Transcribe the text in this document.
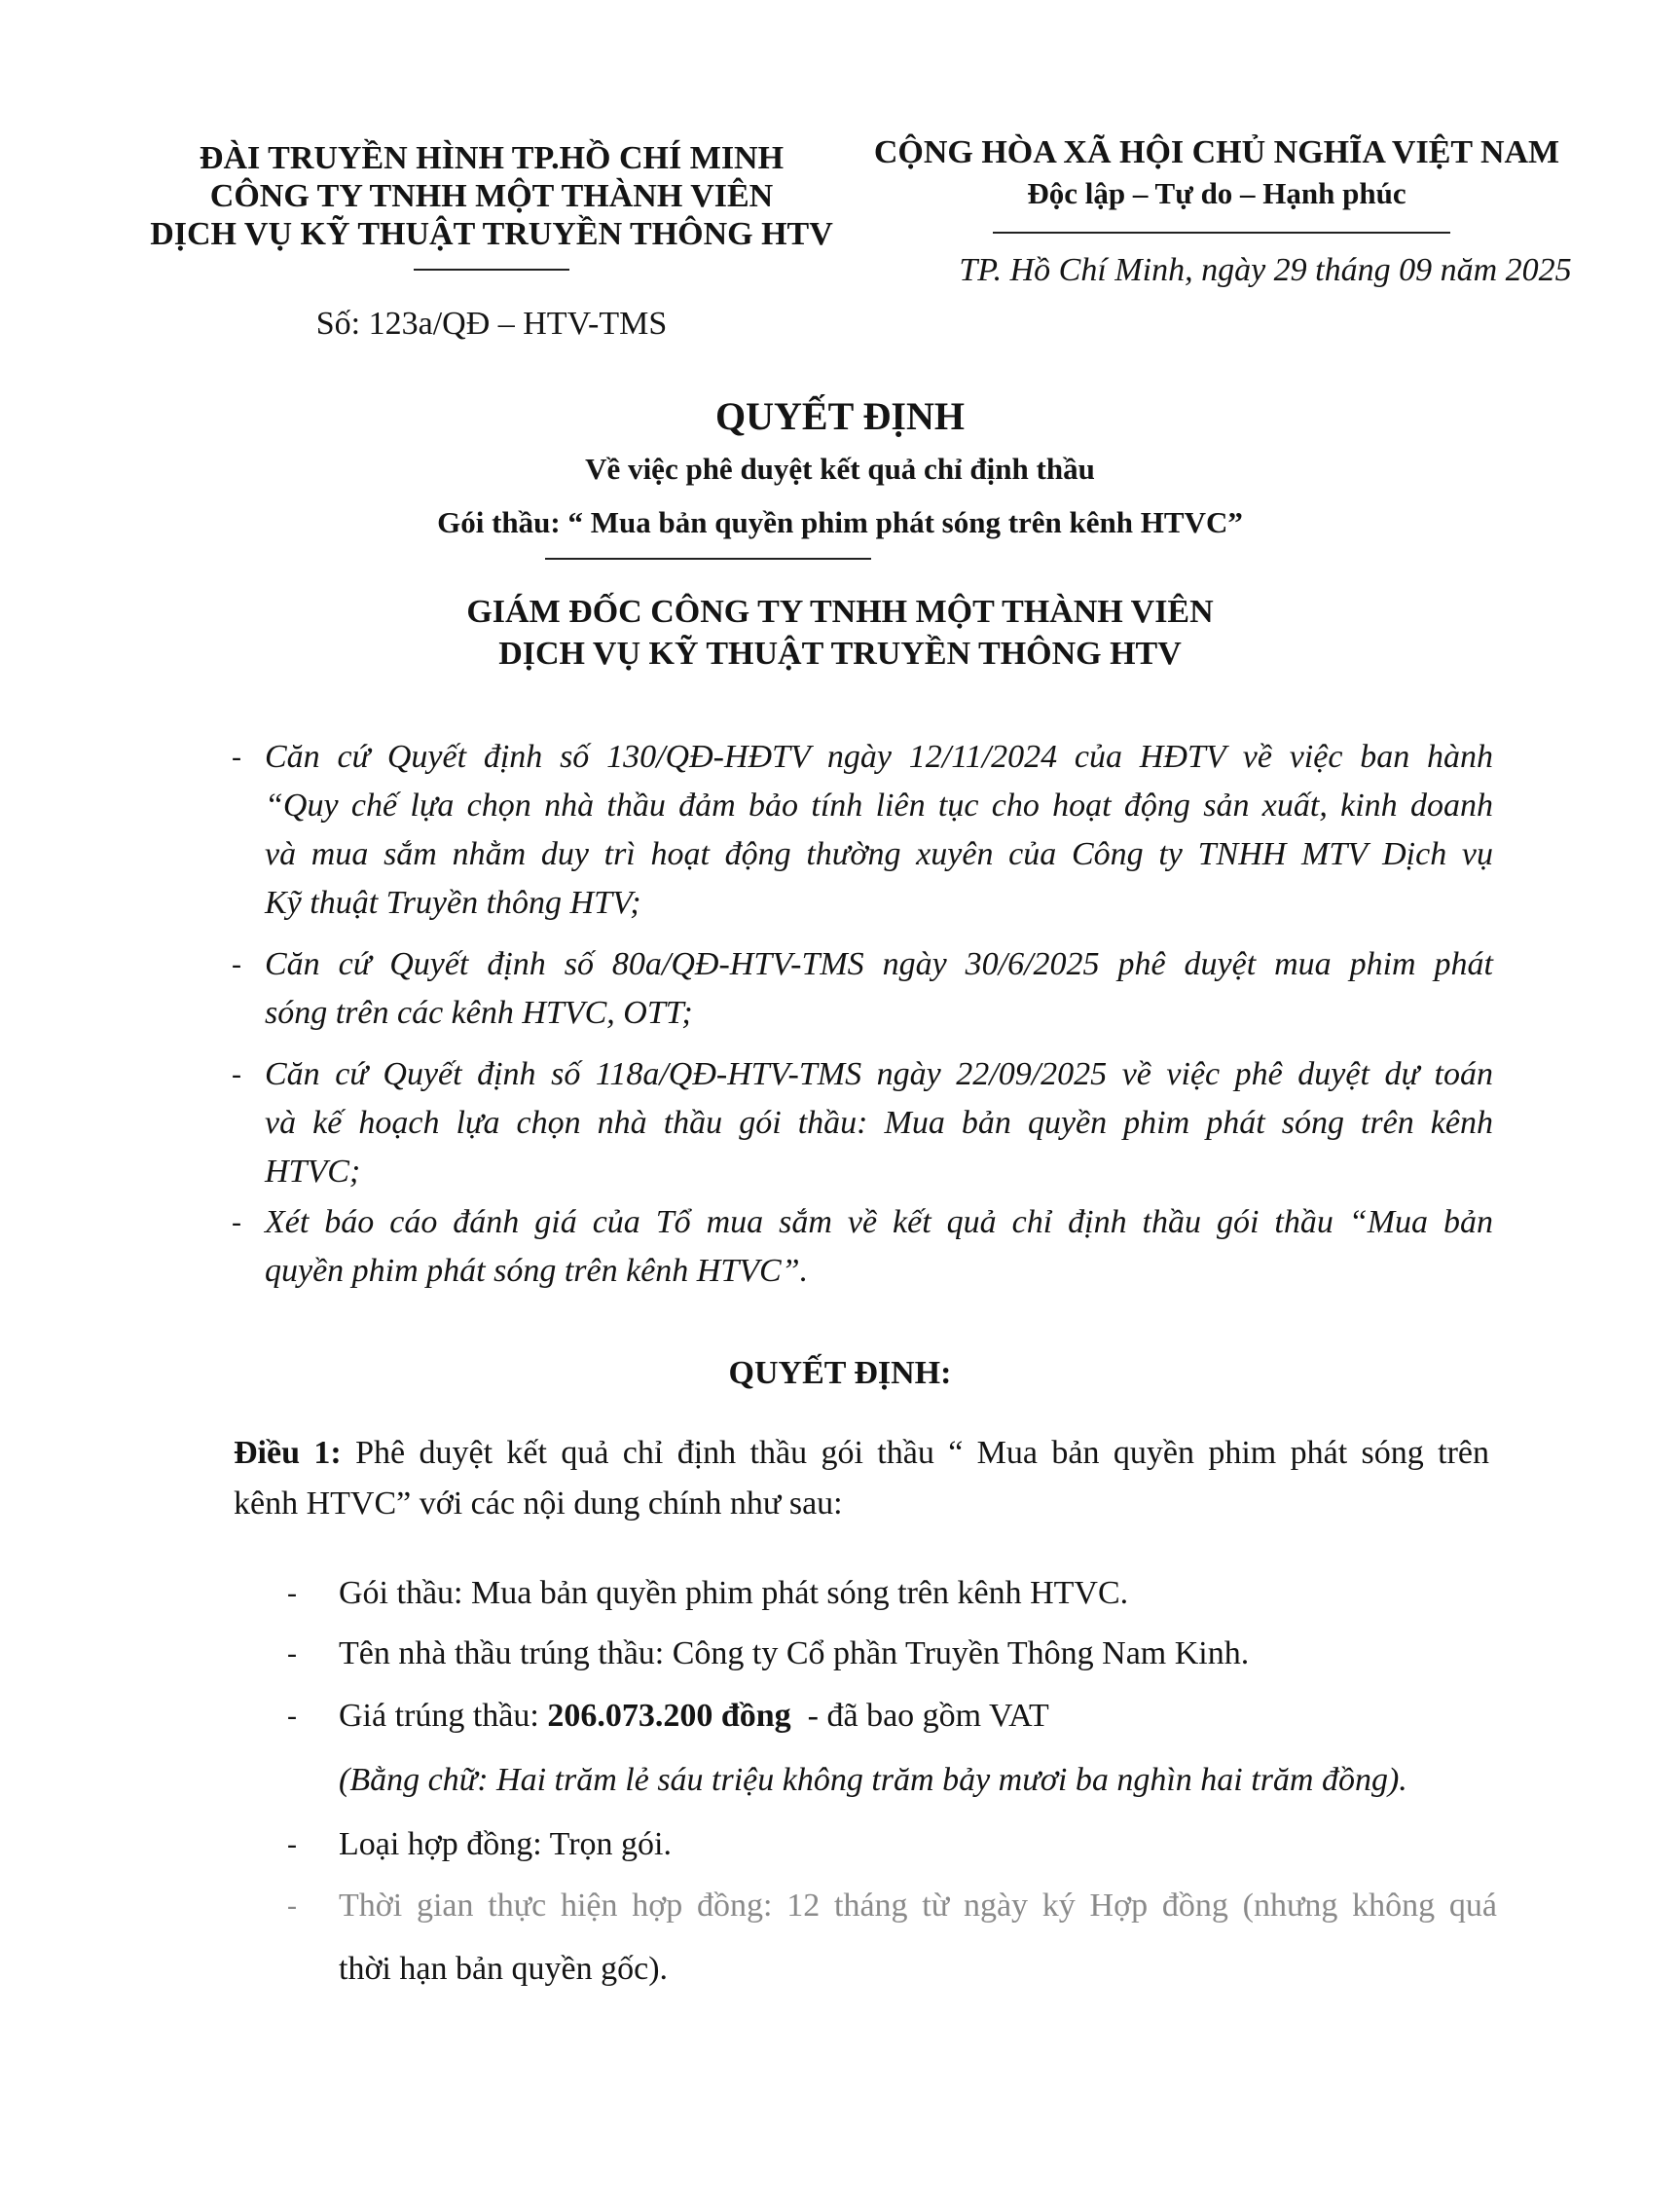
ĐÀI TRUYỀN HÌNH TP.HỒ CHÍ MINH
CÔNG TY TNHH MỘT THÀNH VIÊN
DỊCH VỤ KỸ THUẬT TRUYỀN THÔNG HTV
Số: 123a/QĐ – HTV-TMS
CỘNG HÒA XÃ HỘI CHỦ NGHĨA VIỆT NAM
Độc lập – Tự do – Hạnh phúc
TP. Hồ Chí Minh, ngày 29 tháng 09 năm 2025
QUYẾT ĐỊNH
Về việc phê duyệt kết quả chỉ định thầu
Gói thầu: “ Mua bản quyền phim phát sóng trên kênh HTVC”
GIÁM ĐỐC CÔNG TY TNHH MỘT THÀNH VIÊN
DỊCH VỤ KỸ THUẬT TRUYỀN THÔNG HTV
- Căn cứ Quyết định số 130/QĐ-HĐTV ngày 12/11/2024 của HĐTV về việc ban hành
“Quy chế lựa chọn nhà thầu đảm bảo tính liên tục cho hoạt động sản xuất, kinh doanh
và mua sắm nhằm duy trì hoạt động thường xuyên của Công ty TNHH MTV Dịch vụ
Kỹ thuật Truyền thông HTV;
- Căn cứ Quyết định số 80a/QĐ-HTV-TMS ngày 30/6/2025 phê duyệt mua phim phát
sóng trên các kênh HTVC, OTT;
- Căn cứ Quyết định số 118a/QĐ-HTV-TMS ngày 22/09/2025 về việc phê duyệt dự toán
và kế hoạch lựa chọn nhà thầu gói thầu: Mua bản quyền phim phát sóng trên kênh
HTVC;
- Xét báo cáo đánh giá của Tổ mua sắm về kết quả chỉ định thầu gói thầu “Mua bản
quyền phim phát sóng trên kênh HTVC”.
QUYẾT ĐỊNH:
Điều 1: Phê duyệt kết quả chỉ định thầu gói thầu “ Mua bản quyền phim phát sóng trên
kênh HTVC” với các nội dung chính như sau:
- Gói thầu: Mua bản quyền phim phát sóng trên kênh HTVC.
- Tên nhà thầu trúng thầu: Công ty Cổ phần Truyền Thông Nam Kinh.
- Giá trúng thầu: 206.073.200 đồng  - đã bao gồm VAT
(Bằng chữ: Hai trăm lẻ sáu triệu không trăm bảy mươi ba nghìn hai trăm đồng).
- Loại hợp đồng: Trọn gói.
- Thời gian thực hiện hợp đồng: 12 tháng từ ngày ký Hợp đồng (nhưng không quá
thời hạn bản quyền gốc).
